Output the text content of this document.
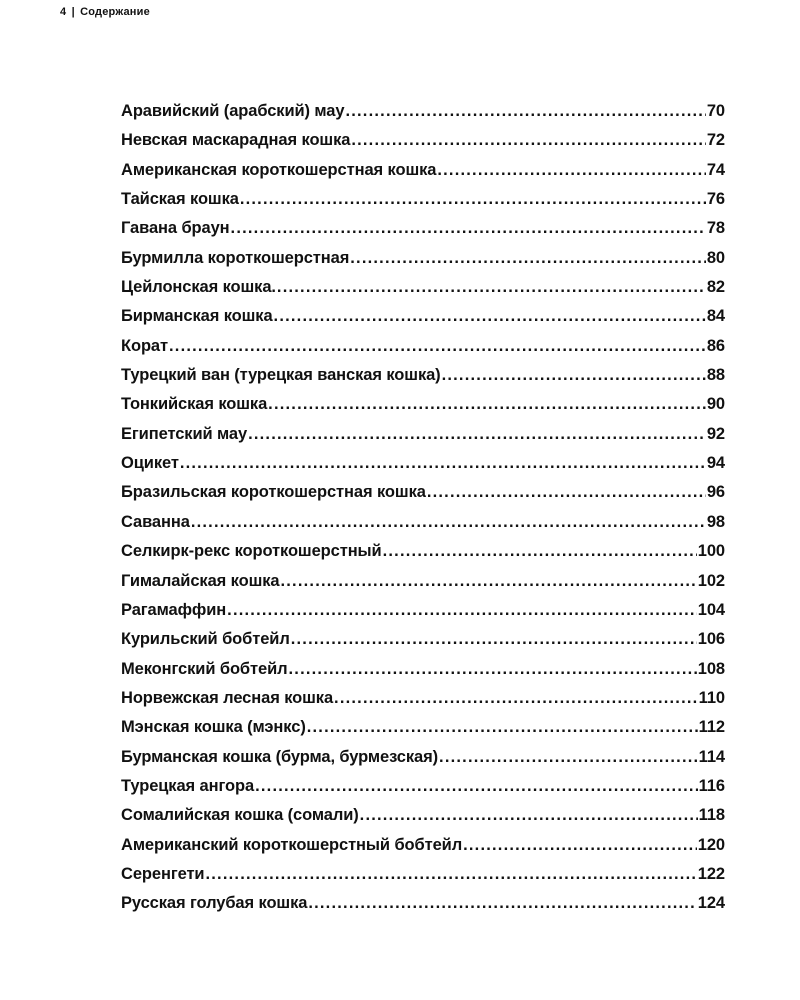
4 | Содержание
Аравийский (арабский) мау .....	70
Невская маскарадная кошка .....	72
Американская короткошерстная кошка .....	74
Тайская кошка .....	76
Гавана браун .....	78
Бурмилла короткошерстная .....	80
Цейлонская кошка. .....	82
Бирманская кошка .....	84
Корат .....	86
Турецкий ван (турецкая ванская кошка) .....	88
Тонкийская кошка .....	90
Египетский мау .....	92
Оцикет .....	94
Бразильская короткошерстная кошка .....	96
Саванна .....	98
Селкирк-рекс короткошерстный .....	100
Гималайская кошка .....	102
Рагамаффин .....	104
Курильский бобтейл .....	106
Меконгский бобтейл .....	108
Норвежская лесная кошка .....	110
Мэнская кошка (мэнкс) .....	112
Бурманская кошка (бурма, бурмезская) .....	114
Турецкая ангора .....	116
Сомалийская кошка (сомали) .....	118
Американский короткошерстный бобтейл .....	120
Серенгети .....	122
Русская голубая кошка .....	124
